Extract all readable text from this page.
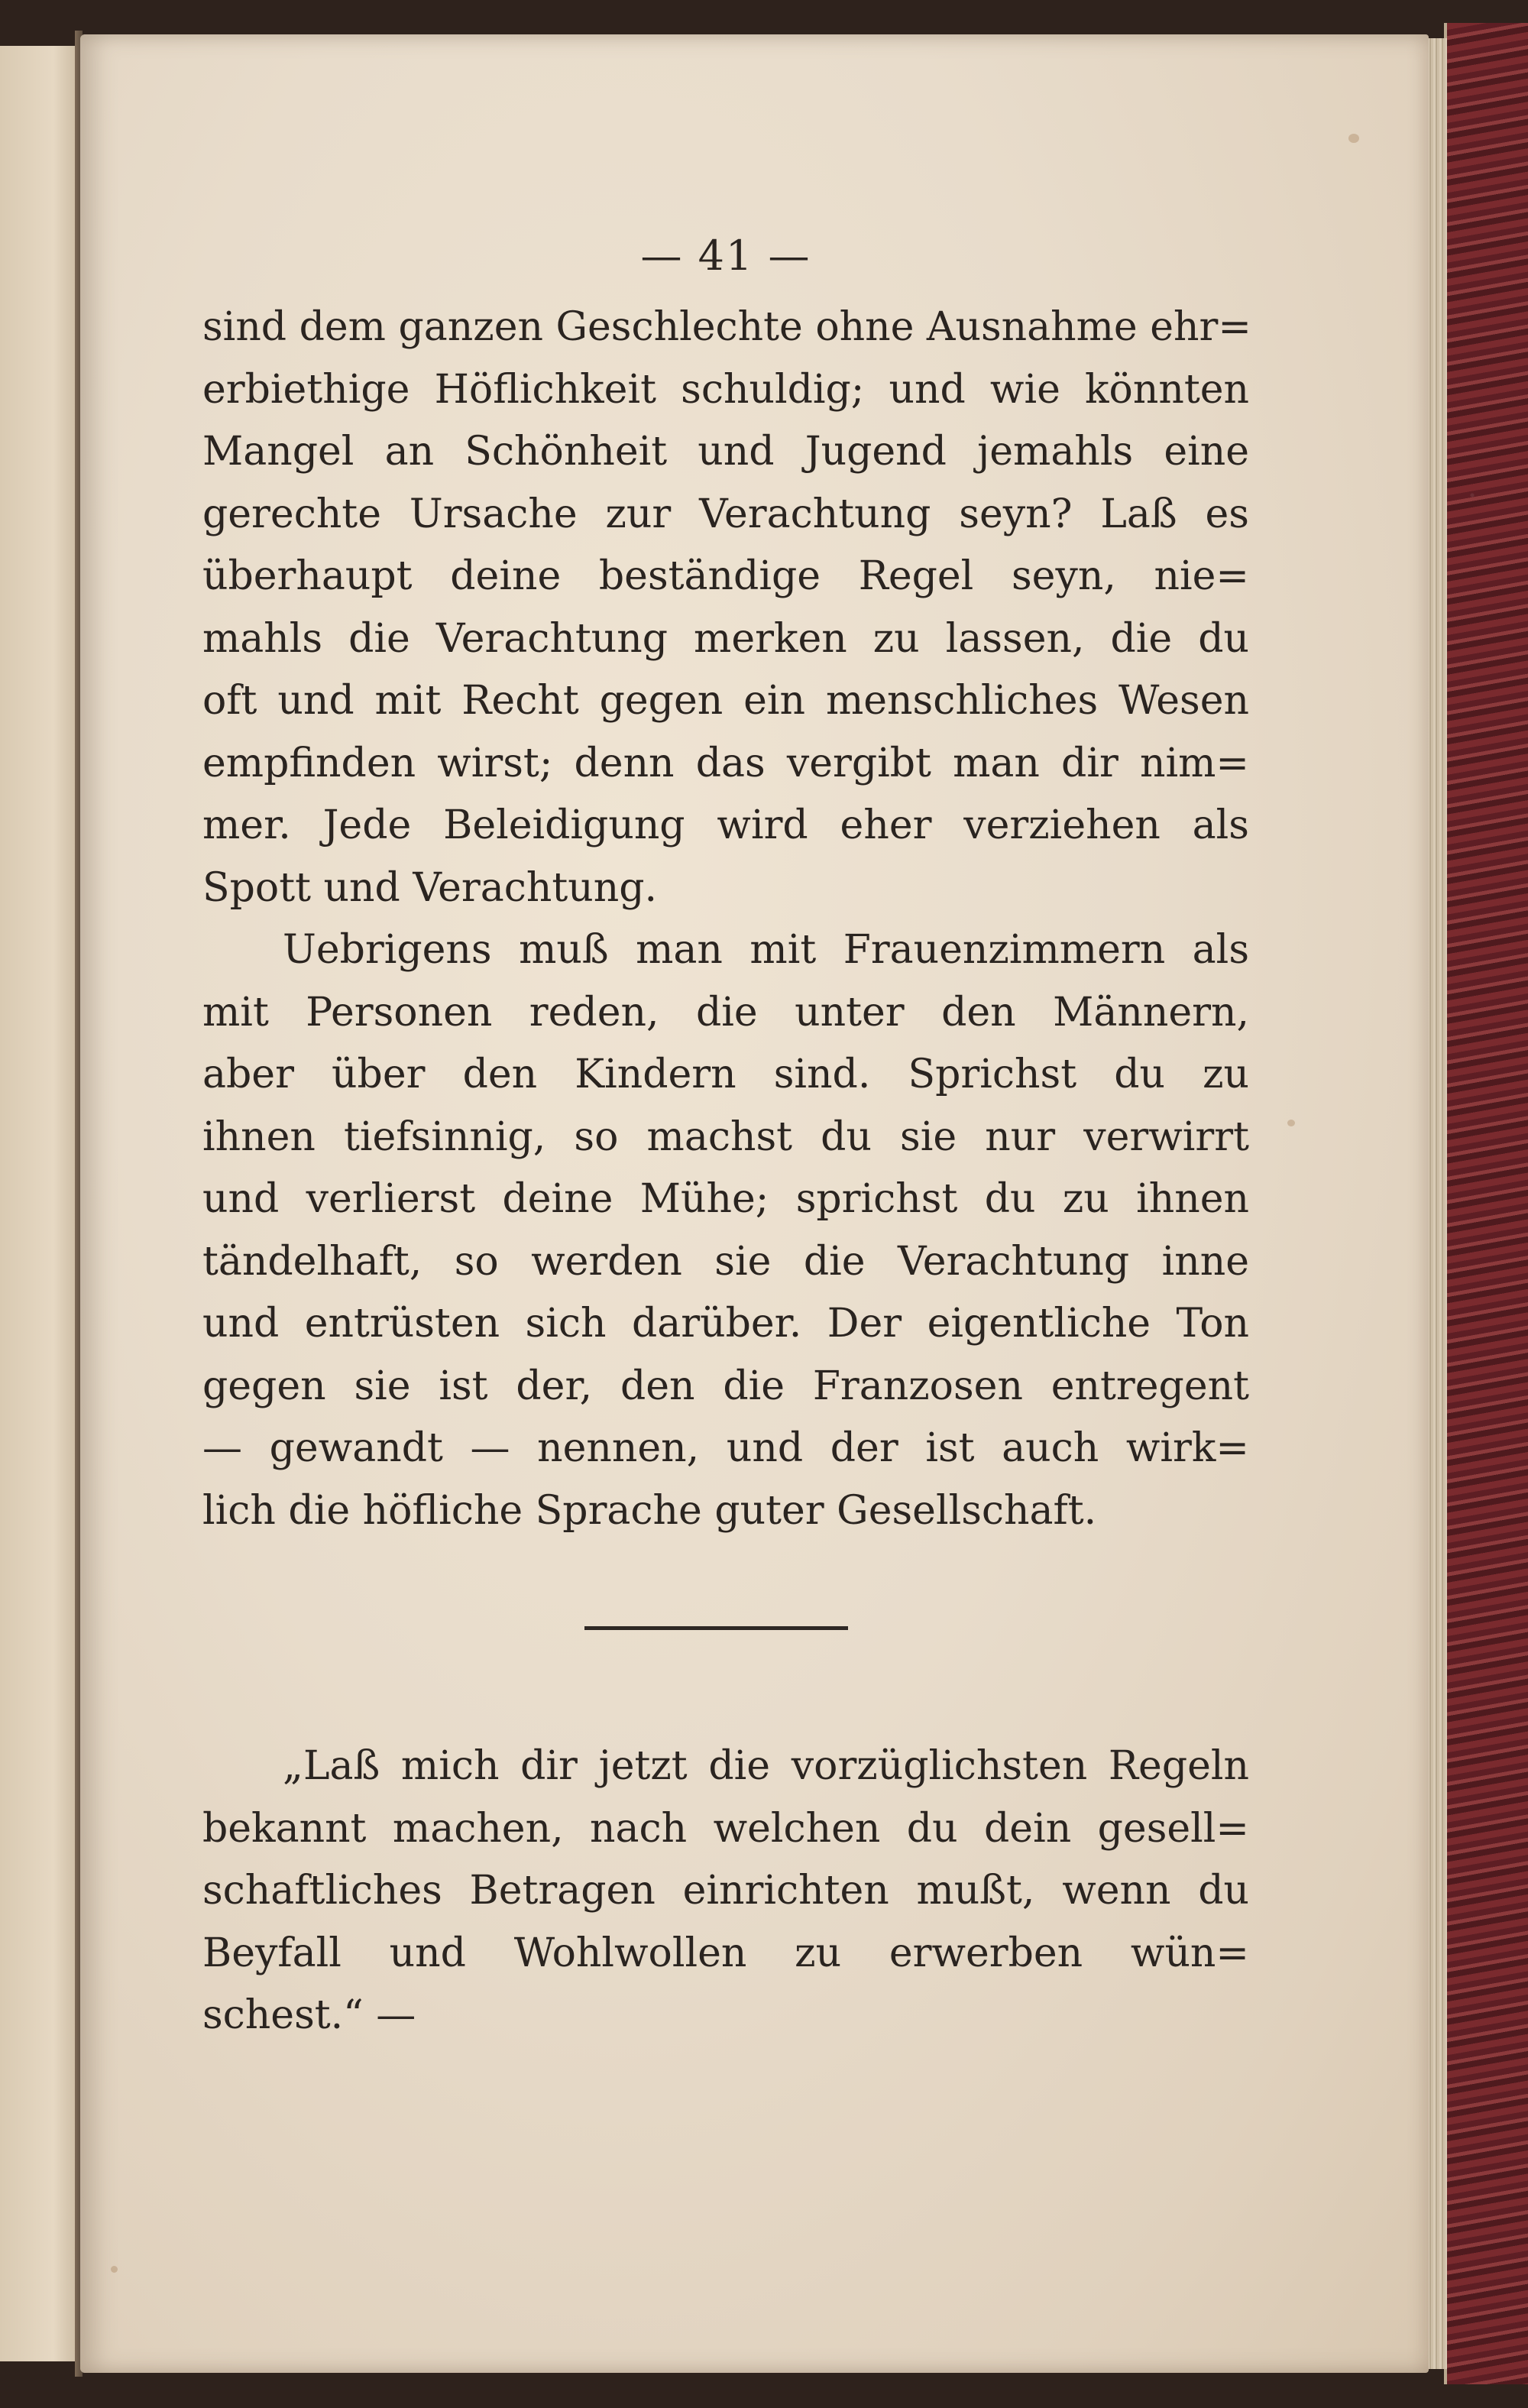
— 41 —
sind dem ganzen Geschlechte ohne Ausnahme ehr=
erbiethige Höflichkeit schuldig; und wie könnten
Mangel an Schönheit und Jugend jemahls eine
gerechte Ursache zur Verachtung seyn? Laß es
überhaupt deine beständige Regel seyn, nie=
mahls die Verachtung merken zu lassen, die du
oft und mit Recht gegen ein menschliches Wesen
empfinden wirst; denn das vergibt man dir nim=
mer. Jede Beleidigung wird eher verziehen als
Spott und Verachtung.
Uebrigens muß man mit Frauenzimmern als
mit Personen reden, die unter den Männern,
aber über den Kindern sind. Sprichst du zu
ihnen tiefsinnig, so machst du sie nur verwirrt
und verlierst deine Mühe; sprichst du zu ihnen
tändelhaft, so werden sie die Verachtung inne
und entrüsten sich darüber. Der eigentliche Ton
gegen sie ist der, den die Franzosen entregent
— gewandt — nennen, und der ist auch wirk=
lich die höfliche Sprache guter Gesellschaft.
„Laß mich dir jetzt die vorzüglichsten Regeln
bekannt machen, nach welchen du dein gesell=
schaftliches Betragen einrichten mußt, wenn du
Beyfall und Wohlwollen zu erwerben wün=
schest.“ —
